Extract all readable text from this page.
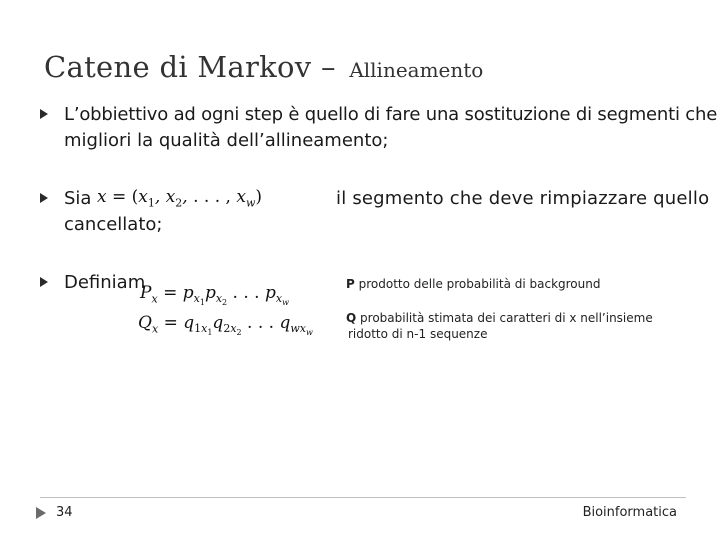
Catene di Markov – Allineamento
L’obbiettivo ad ogni step è quello di fare una sostituzione di segmenti che
migliori la qualità dell’allineamento;
Sia	il segmento che deve rimpiazzare quello
cancellato;
$x = (x_1$, $x_2$, . . . , $x_w$)
Definiam
$P_x = p_{x_1}p_{x_2}$ . . . $p_{x_w}$
$Q_x = q_{1x_1}q_{2x_2}$ . . . $q_{wx_w}$
P prodotto delle probabilità di background
Q probabilità stimata dei caratteri di x nell’insieme
ridotto di n-1 sequenze
34	Bioinformatica
